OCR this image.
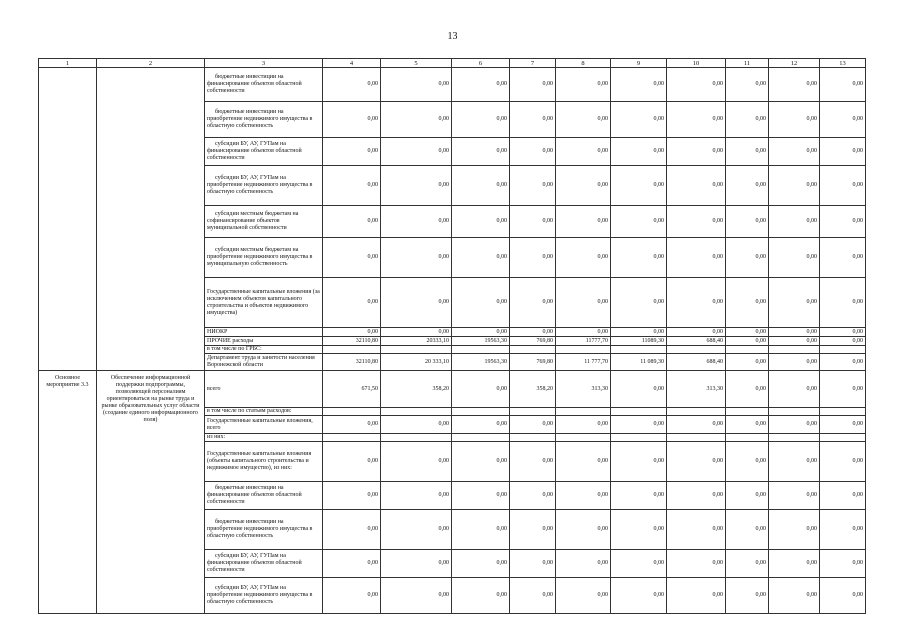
13
1	2	3	4	5	6	7	8	9	10	11	12	13
		бюджетные инвестиции на финансирование объектов областной собственности	0,00	0,00	0,00	0,00	0,00	0,00	0,00	0,00	0,00	0,00
		бюджетные инвестиции на приобретение недвижимого имущества в областную собственность	0,00	0,00	0,00	0,00	0,00	0,00	0,00	0,00	0,00	0,00
		субсидии БУ, АУ, ГУПам на финансирование объектов областной собственности	0,00	0,00	0,00	0,00	0,00	0,00	0,00	0,00	0,00	0,00
		субсидии БУ, АУ, ГУПам на приобретение недвижимого имущества в областную собственность	0,00	0,00	0,00	0,00	0,00	0,00	0,00	0,00	0,00	0,00
		субсидии местным бюджетам на софинансирование объектов муниципальной собственности	0,00	0,00	0,00	0,00	0,00	0,00	0,00	0,00	0,00	0,00
		субсидии местным бюджетам на приобретение недвижимого имущества в муниципальную собственность	0,00	0,00	0,00	0,00	0,00	0,00	0,00	0,00	0,00	0,00
		Государственные капитальные вложения (за исключением объектов капитального строительства и объектов недвижимого имущества)	0,00	0,00	0,00	0,00	0,00	0,00	0,00	0,00	0,00	0,00
		НИОКР	0,00	0,00	0,00	0,00	0,00	0,00	0,00	0,00	0,00	0,00
		ПРОЧИЕ расходы	32110,80	20333,10	19563,30	769,80	11777,70	11089,30	688,40	0,00	0,00	0,00
		в том числе по ГРБС:										
		Департамент труда и занятости населения Воронежской области	32110,80	20 333,10	19563,30	769,80	11 777,70	11 089,30	688,40	0,00	0,00	0,00
Основное мероприятие 3.3	Обеспечение информационной поддержки подпрограммы, позволяющей персоналиям ориентироваться на рынке труда и рынке образовательных услуг области (создание единого информационного поля)	всего	671,50	358,20	0,00	358,20	313,30	0,00	313,30	0,00	0,00	0,00
		в том числе по статьям расходов:										
		Государственные капитальные вложения, всего	0,00	0,00	0,00	0,00	0,00	0,00	0,00	0,00	0,00	0,00
		из них:										
		Государственные капитальные вложения (объекты капитального строительства и недвижимое имущество), из них:	0,00	0,00	0,00	0,00	0,00	0,00	0,00	0,00	0,00	0,00
		бюджетные инвестиции на финансирование объектов областной собственности	0,00	0,00	0,00	0,00	0,00	0,00	0,00	0,00	0,00	0,00
		бюджетные инвестиции на приобретение недвижимого имущества в областную собственность	0,00	0,00	0,00	0,00	0,00	0,00	0,00	0,00	0,00	0,00
		субсидии БУ, АУ, ГУПам на финансирование объектов областной собственности	0,00	0,00	0,00	0,00	0,00	0,00	0,00	0,00	0,00	0,00
		субсидии БУ, АУ, ГУПам на приобретение недвижимого имущества в областную собственность	0,00	0,00	0,00	0,00	0,00	0,00	0,00	0,00	0,00	0,00
